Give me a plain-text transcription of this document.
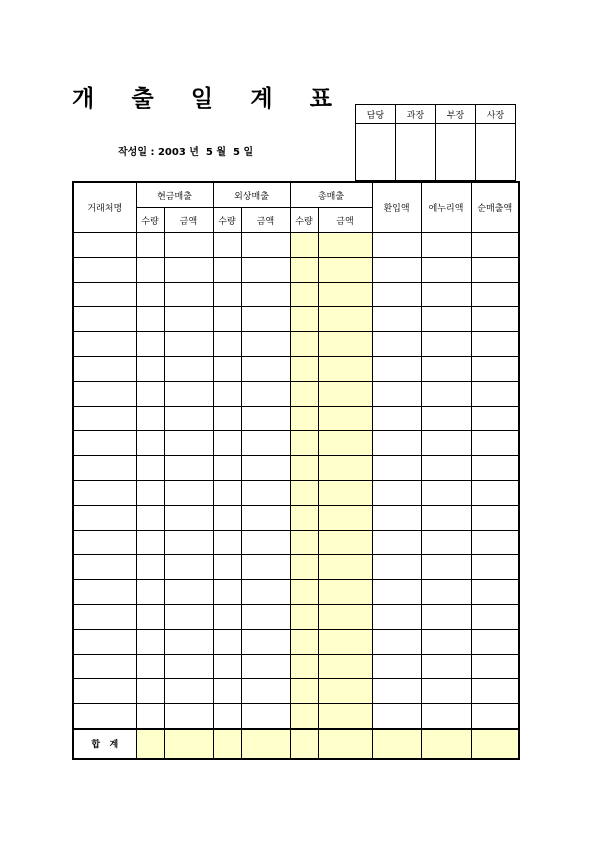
개 출 일 계 표
작성일 : 2003 년 5 월 5 일
담당	과장	부장	사장

거래처명	현금매출		외상매출		총매출		환입액	에누리액	순매출액
	수량	금액	수량	금액	수량	금액			

합   계									
